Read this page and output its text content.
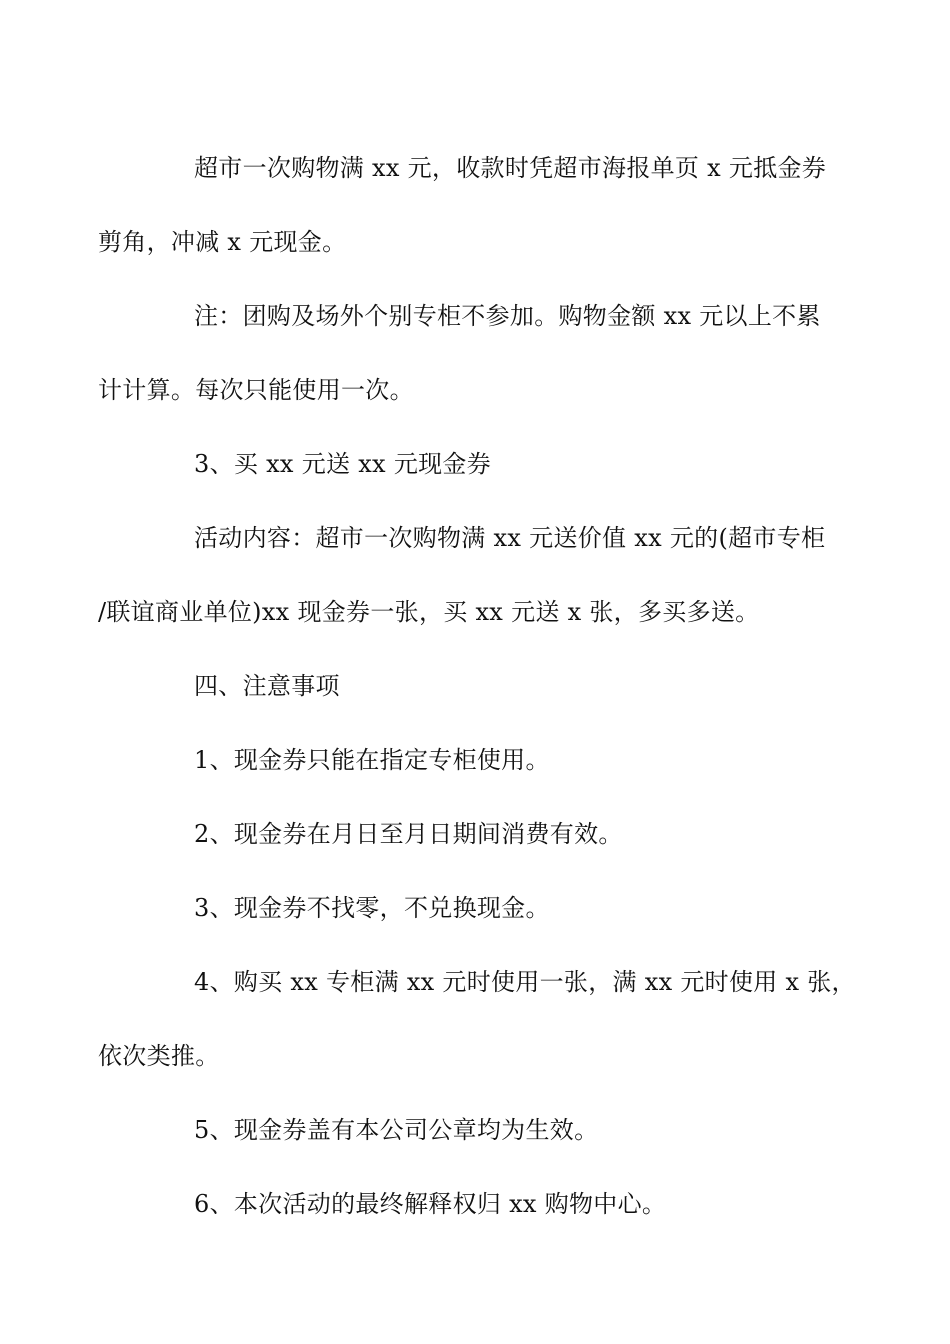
超市一次购物满 xx 元，收款时凭超市海报单页 x 元抵金券
剪角，冲减 x 元现金。

注：团购及场外个别专柜不参加。购物金额 xx 元以上不累
计计算。每次只能使用一次。

3、买 xx 元送 xx 元现金券

活动内容：超市一次购物满 xx 元送价值 xx 元的(超市专柜
/联谊商业单位)xx 现金券一张，买 xx 元送 x 张，多买多送。

四、注意事项

1、现金券只能在指定专柜使用。

2、现金券在月日至月日期间消费有效。

3、现金券不找零，不兑换现金。

4、购买 xx 专柜满 xx 元时使用一张，满 xx 元时使用 x 张，
依次类推。

5、现金券盖有本公司公章均为生效。

6、本次活动的最终解释权归 xx 购物中心。
